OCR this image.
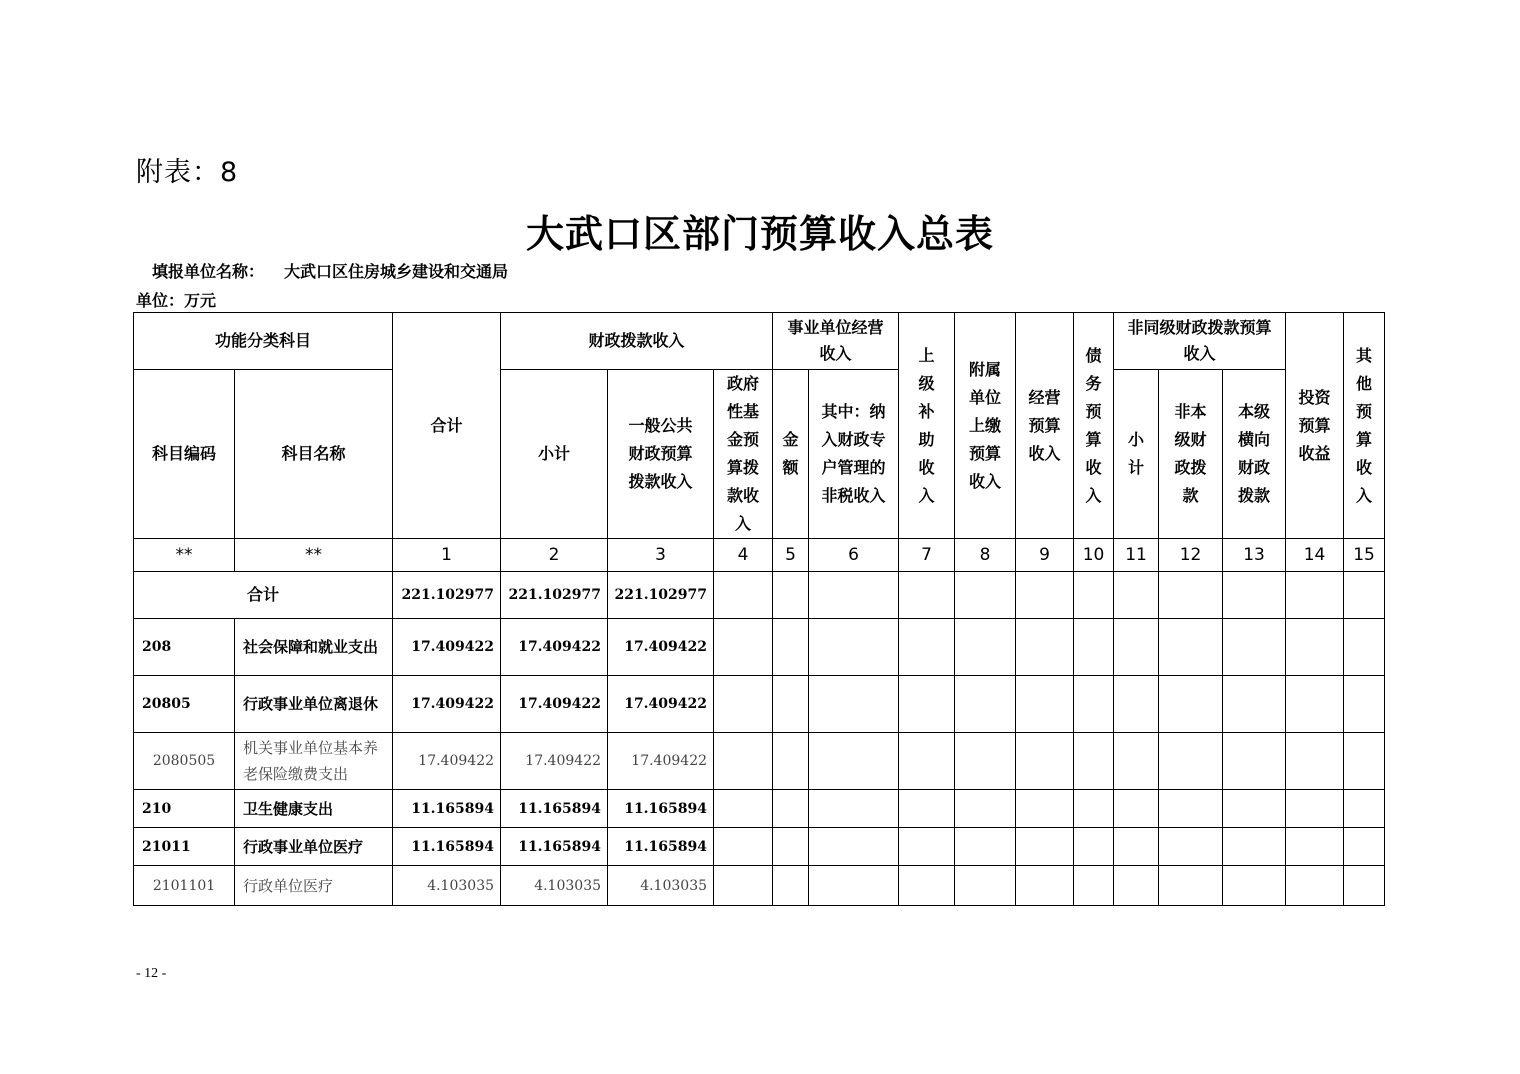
附表：8
大武口区部门预算收入总表
填报单位名称： 大武口区住房城乡建设和交通局
单位：万元
功能分类科目		合计	财政拨款收入			事业单位经营收入		上级补助收入	附属单位上缴预算收入	经营预算收入	债务预算收入	非同级财政拨款预算收入			投资预算收益	其他预算收入
科目编码	科目名称		小计	一般公共财政预算拨款收入	政府性基金预算拨款收入	金额	其中：纳入财政专户管理的非税收入					小计	非本级财政拨款	本级横向财政拨款		
**	**	1	2	3	4	5	6	7	8	9	10	11	12	13	14	15
合计		221.102977	221.102977	221.102977												
208	社会保障和就业支出	17.409422	17.409422	17.409422												
20805	行政事业单位离退休	17.409422	17.409422	17.409422												
2080505	机关事业单位基本养老保险缴费支出	17.409422	17.409422	17.409422												
210	卫生健康支出	11.165894	11.165894	11.165894												
21011	行政事业单位医疗	11.165894	11.165894	11.165894												
2101101	行政单位医疗	4.103035	4.103035	4.103035												
- 12 -
